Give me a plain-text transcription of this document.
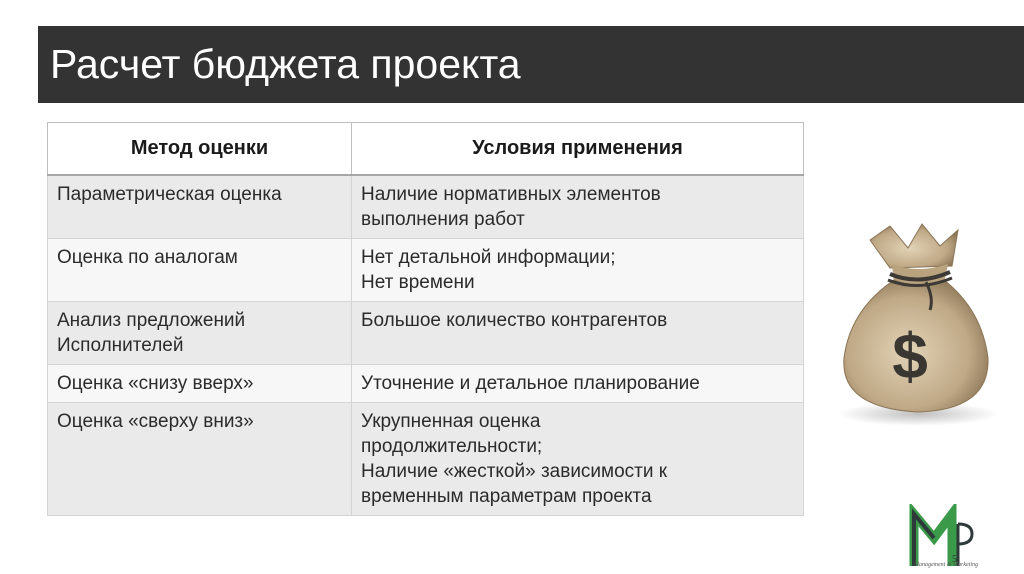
Расчет бюджета проекта
Метод оценки	Условия применения

Параметрическая оценка	Наличие нормативных элементов
выполнения работ

Оценка по аналогам	Нет детальной информации;
Нет времени

Анализ предложений
Исполнителей	Большое количество контрагентов

Оценка «снизу вверх»	Уточнение и детальное планирование

Оценка «сверху вниз»	Укрупненная оценка
продолжительности;
Наличие «жесткой» зависимости к
временным параметрам проекта
$
5
Management & Marketing
